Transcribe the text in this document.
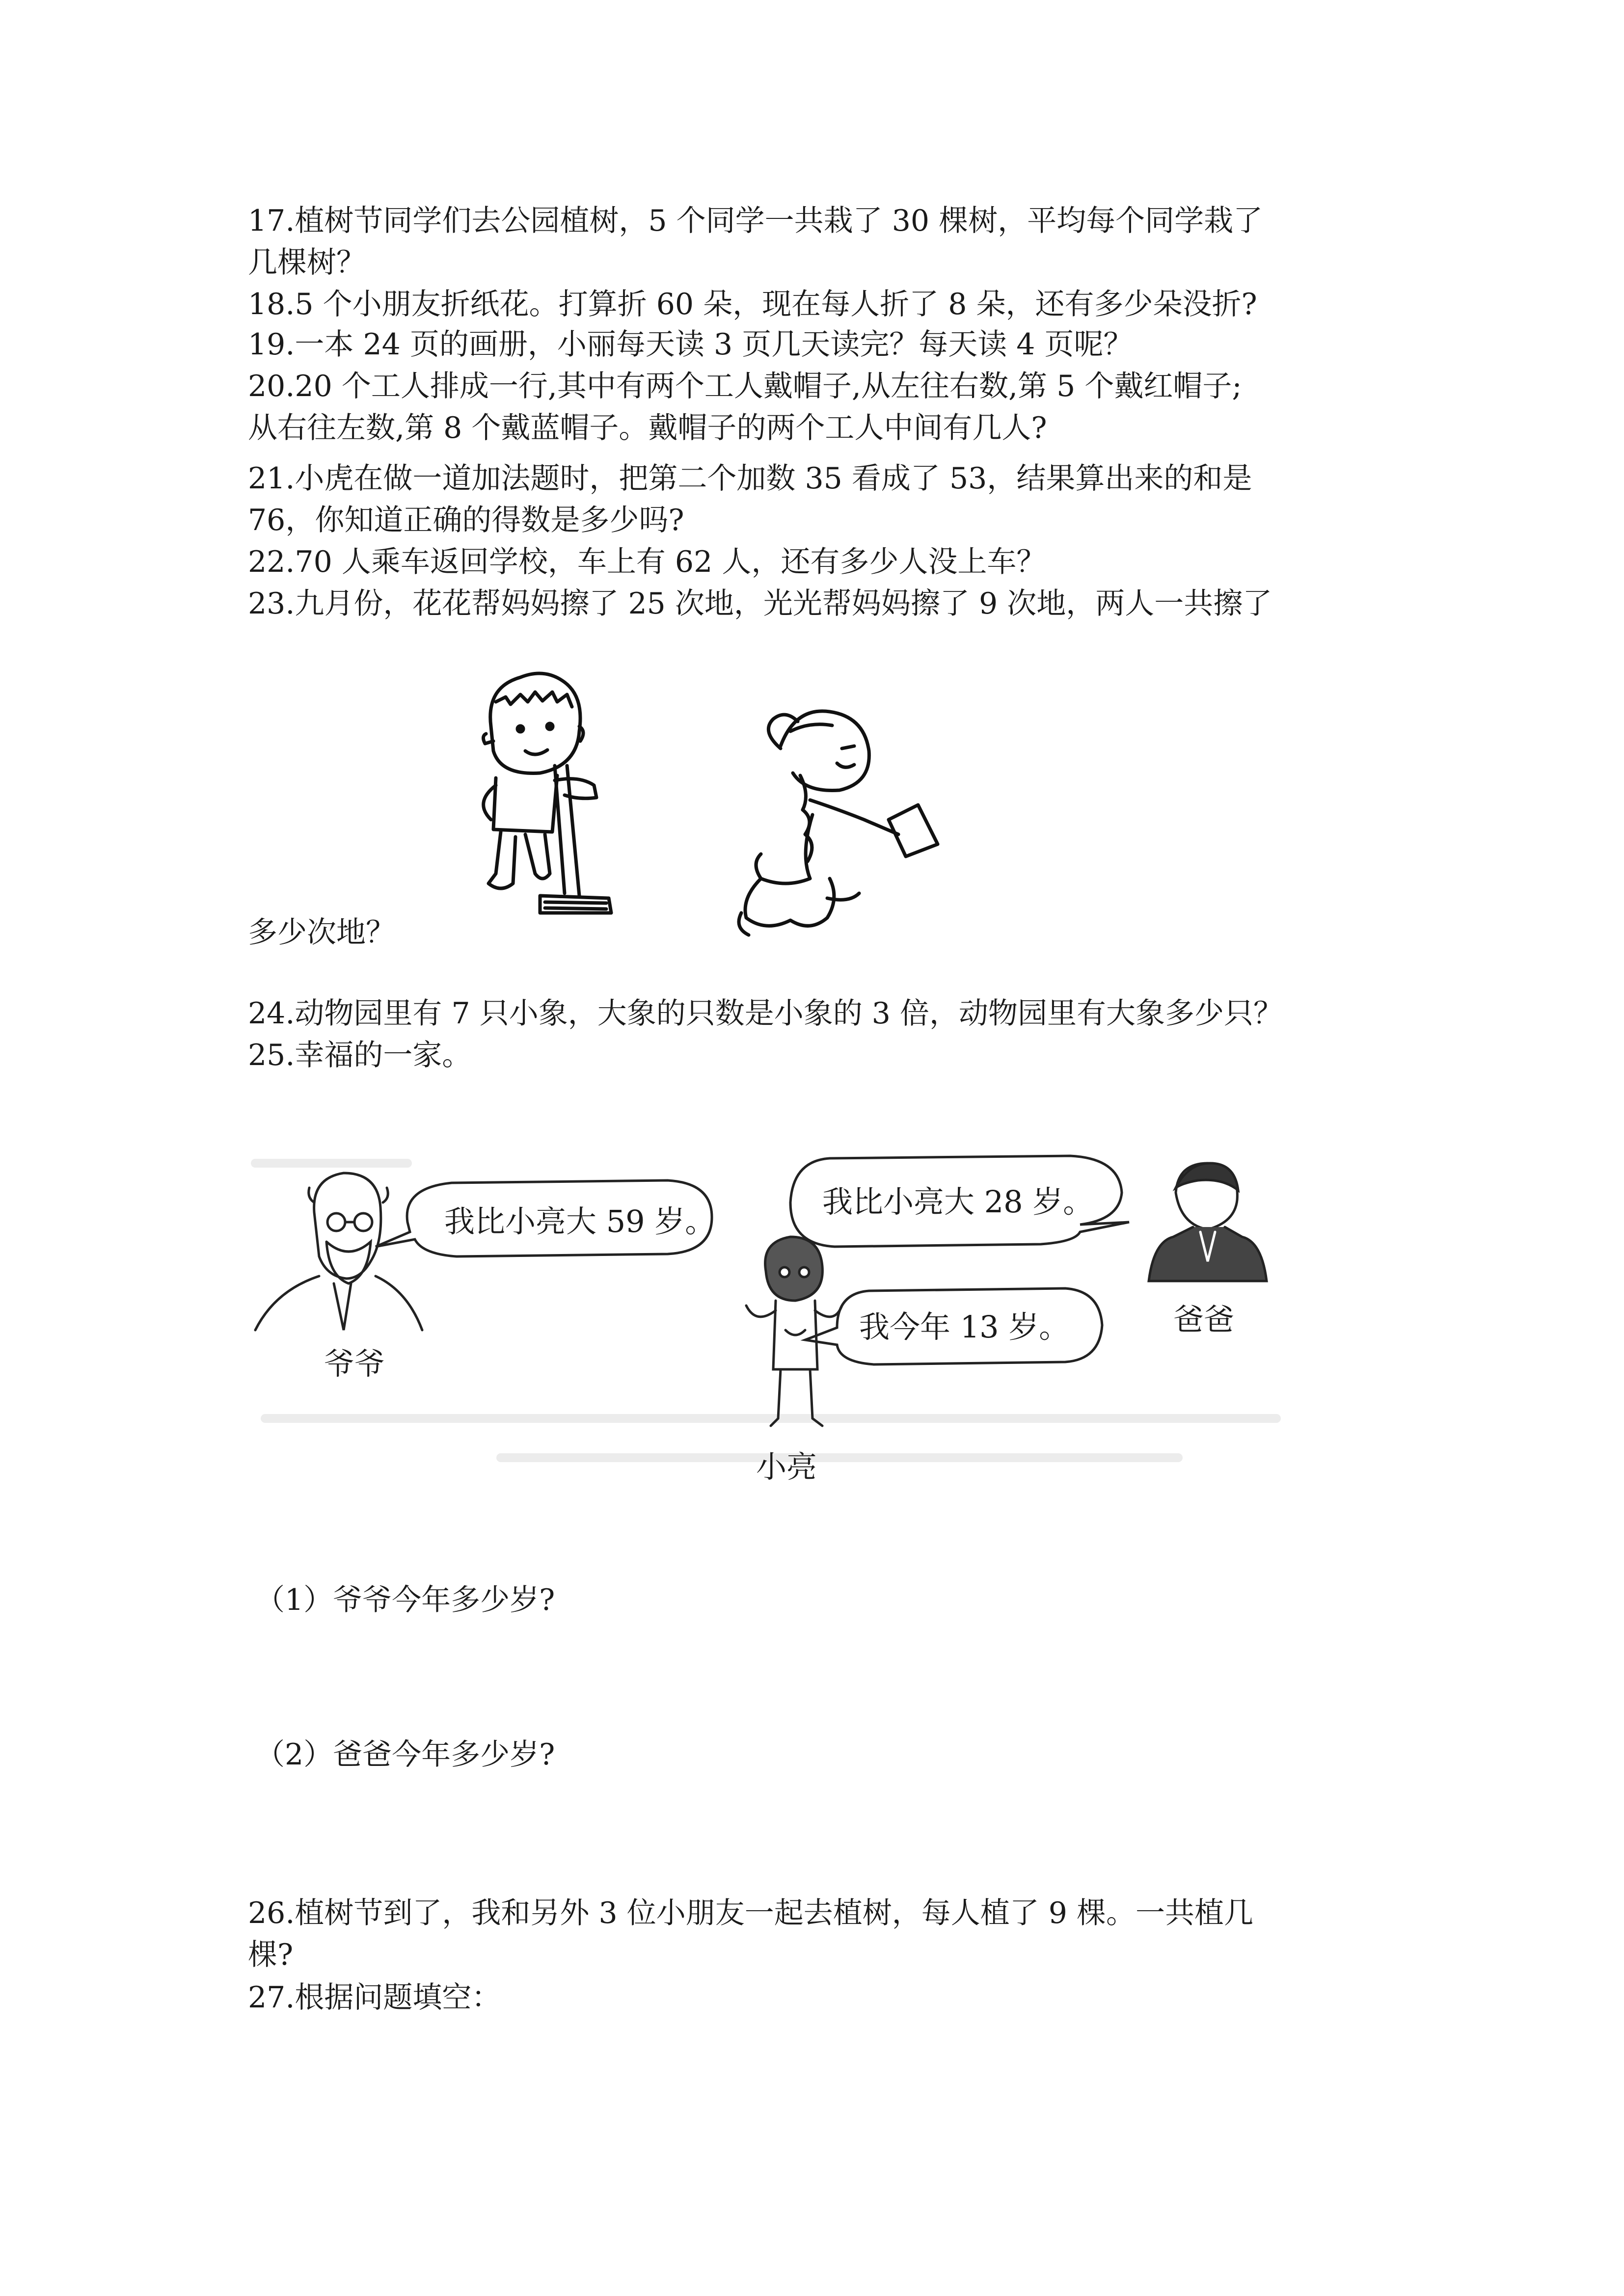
17.植树节同学们去公园植树，5 个同学一共栽了 30 棵树，平均每个同学栽了
几棵树？
18.5 个小朋友折纸花。打算折 60 朵，现在每人折了 8 朵，还有多少朵没折?
19.一本 24 页的画册，小丽每天读 3 页几天读完？每天读 4 页呢？
20.20 个工人排成一行,其中有两个工人戴帽子,从左往右数,第 5 个戴红帽子;
从右往左数,第 8 个戴蓝帽子。戴帽子的两个工人中间有几人?
21.小虎在做一道加法题时，把第二个加数 35 看成了 53，结果算出来的和是
76，你知道正确的得数是多少吗?
22.70 人乘车返回学校，车上有 62 人，还有多少人没上车？
23.九月份，花花帮妈妈擦了 25 次地，光光帮妈妈擦了 9 次地，两人一共擦了
多少次地？
24.动物园里有 7 只小象，大象的只数是小象的 3 倍，动物园里有大象多少只？
25.幸福的一家。
爷爷
我比小亮大 59 岁。
我比小亮大 28 岁。
我今年 13 岁。
小亮
爸爸
（1）爷爷今年多少岁?
（2）爸爸今年多少岁?
26.植树节到了，我和另外 3 位小朋友一起去植树，每人植了 9 棵。一共植几
棵?
27.根据问题填空：
